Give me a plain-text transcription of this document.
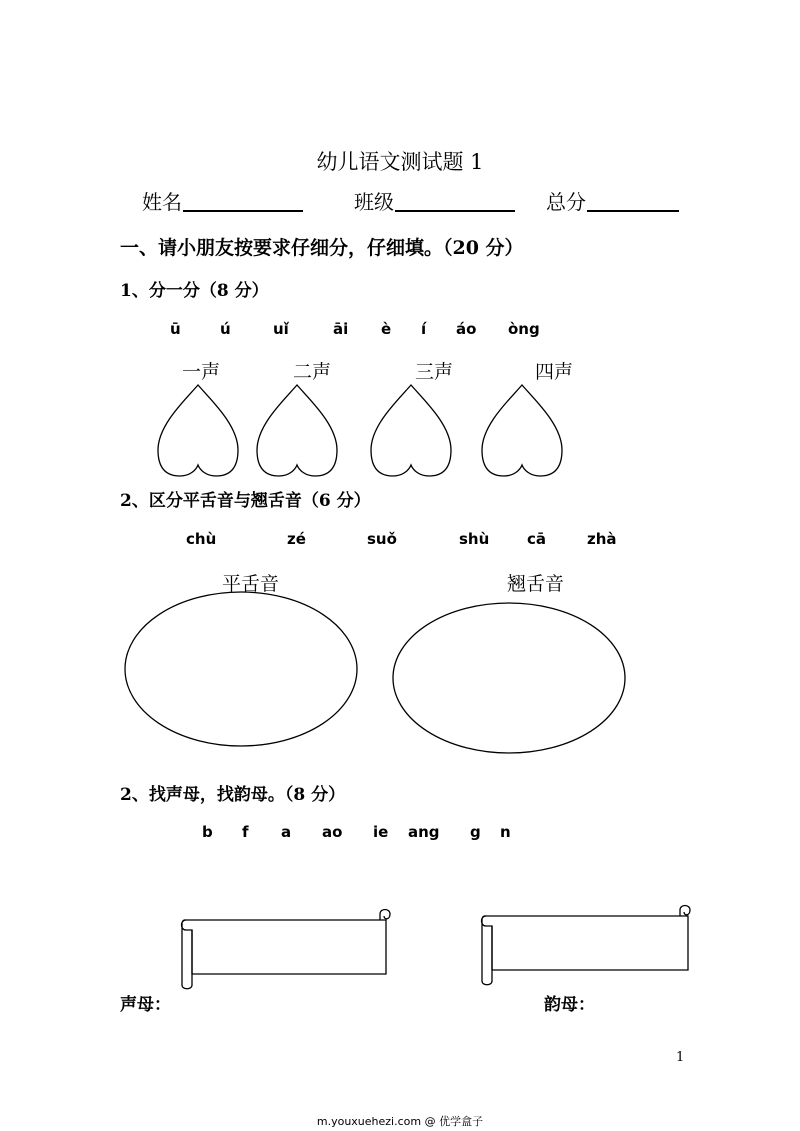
幼儿语文测试题 1
姓名	班级	总分
一、请小朋友按要求仔细分，仔细填。（20 分）
1、分一分（8 分）
ū	ú	uǐ	āi è í áo òng
一声	二声	三声	四声
2、区分平舌音与翘舌音（6 分）
chù	zé	suǒ	shù	cā	zhà
平舌音	翘舌音
2、找声母，找韵母。（8 分）
b f a ao ie ang g n
声母：	韵母：
1
m.youxuehezi.com @ 优学盒子
